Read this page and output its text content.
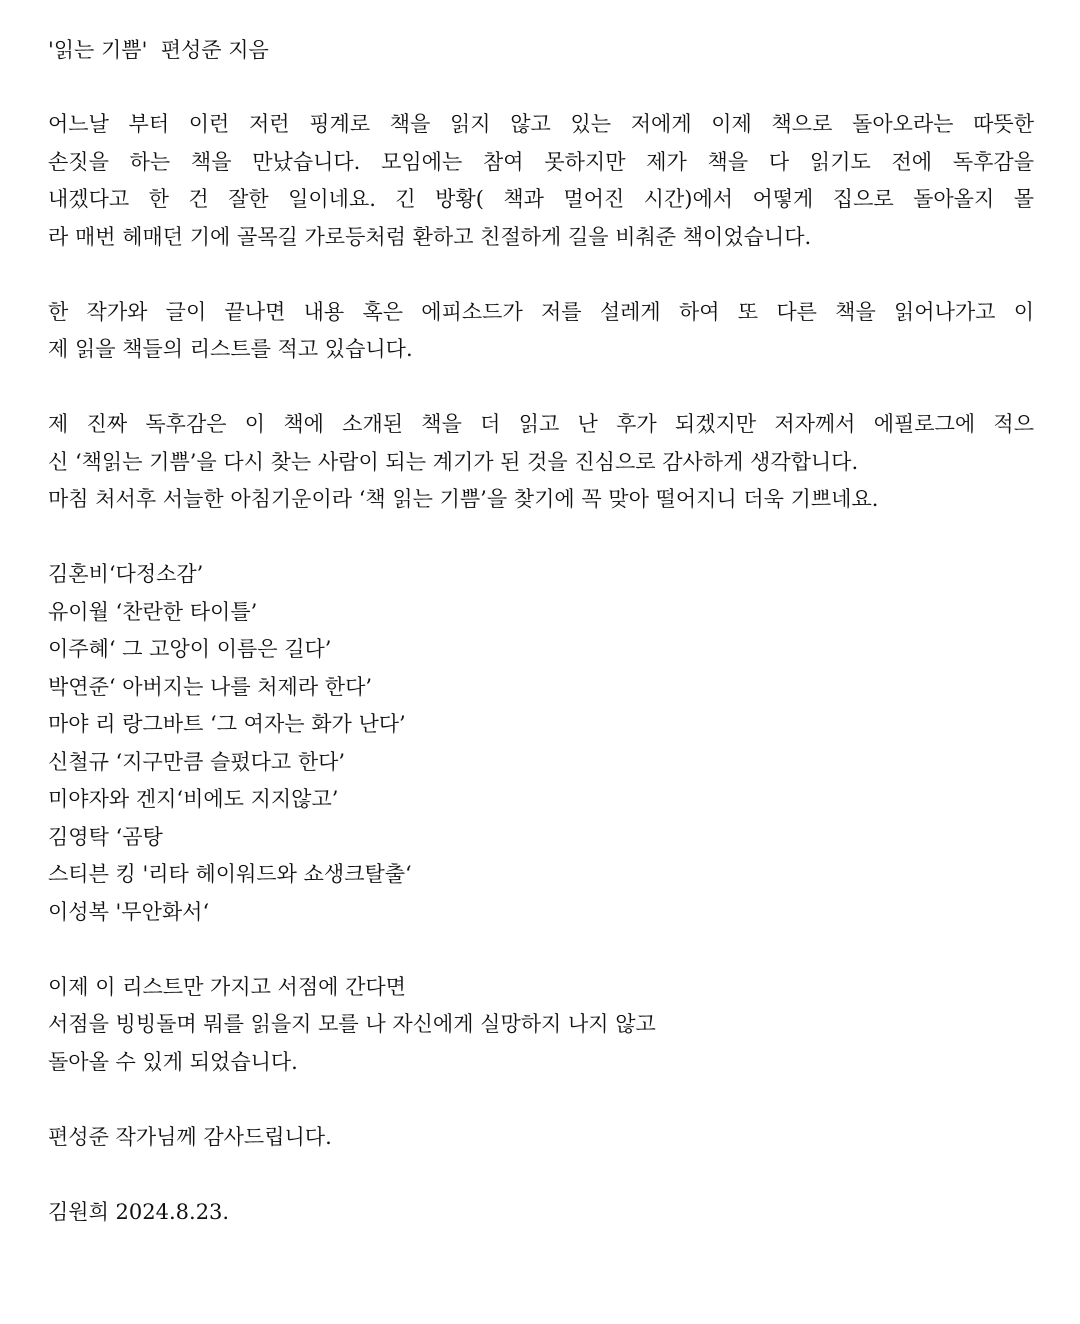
'읽는 기쁨'  편성준 지음
어느날 부터 이런 저런 핑계로 책을 읽지 않고 있는 저에게 이제 책으로 돌아오라는 따뜻한
손짓을 하는 책을 만났습니다. 모임에는 참여 못하지만 제가 책을 다 읽기도 전에 독후감을
내겠다고 한 건 잘한 일이네요. 긴 방황( 책과 멀어진 시간)에서 어떻게 집으로 돌아올지 몰
라 매번 헤매던 기에 골목길 가로등처럼 환하고 친절하게 길을 비춰준 책이었습니다.
한 작가와 글이 끝나면 내용 혹은 에피소드가 저를 설레게 하여 또 다른 책을 읽어나가고 이
제 읽을 책들의 리스트를 적고 있습니다.
제 진짜 독후감은 이 책에 소개된 책을 더 읽고 난 후가 되겠지만 저자께서 에필로그에 적으
신 ‘책읽는 기쁨’을 다시 찾는 사람이 되는 계기가 된 것을 진심으로 감사하게 생각합니다.
마침 처서후 서늘한 아침기운이라 ‘책 읽는 기쁨’을 찾기에 꼭 맞아 떨어지니 더욱 기쁘네요.
김혼비‘다정소감’
유이월 ‘찬란한 타이틀’
이주혜‘ 그 고앙이 이름은 길다’
박연준‘ 아버지는 나를 처제라 한다’
마야 리 랑그바트 ‘그 여자는 화가 난다’
신철규 ‘지구만큼 슬펐다고 한다’
미야자와 겐지‘비에도 지지않고’
김영탁 ‘곰탕
스티븐 킹 '리타 헤이워드와 쇼생크탈출‘
이성복 '무안화서‘
이제 이 리스트만 가지고 서점에 간다면
서점을 빙빙돌며 뭐를 읽을지 모를 나 자신에게 실망하지 나지 않고
돌아올 수 있게 되었습니다.
편성준 작가님께 감사드립니다.
김원희 2024.8.23.
